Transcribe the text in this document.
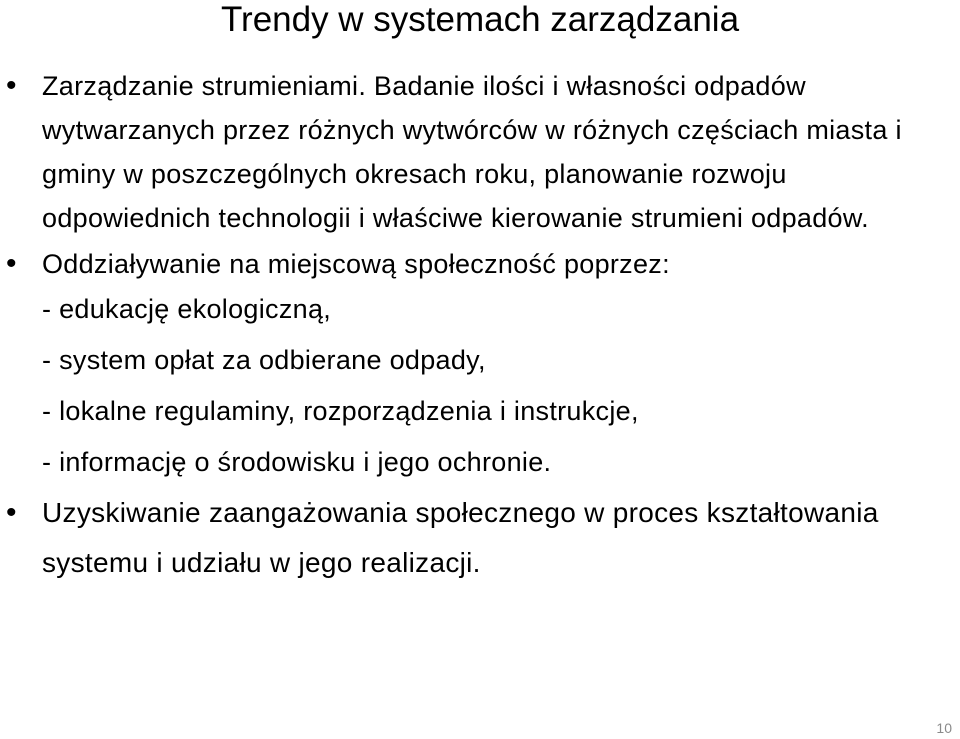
Trendy w systemach zarządzania

• Zarządzanie strumieniami. Badanie ilości i własności odpadów wytwarzanych przez różnych wytwórców w różnych częściach miasta i gminy w poszczególnych okresach roku, planowanie rozwoju odpowiednich technologii i właściwe kierowanie strumieni odpadów.

• Oddziaływanie na miejscową społeczność poprzez:

- edukację ekologiczną,
- system opłat za odbierane odpady,
- lokalne regulaminy, rozporządzenia i instrukcje,
- informację o środowisku i jego ochronie.

• Uzyskiwanie zaangażowania społecznego w proces kształtowania systemu i udziału w jego realizacji.

10
